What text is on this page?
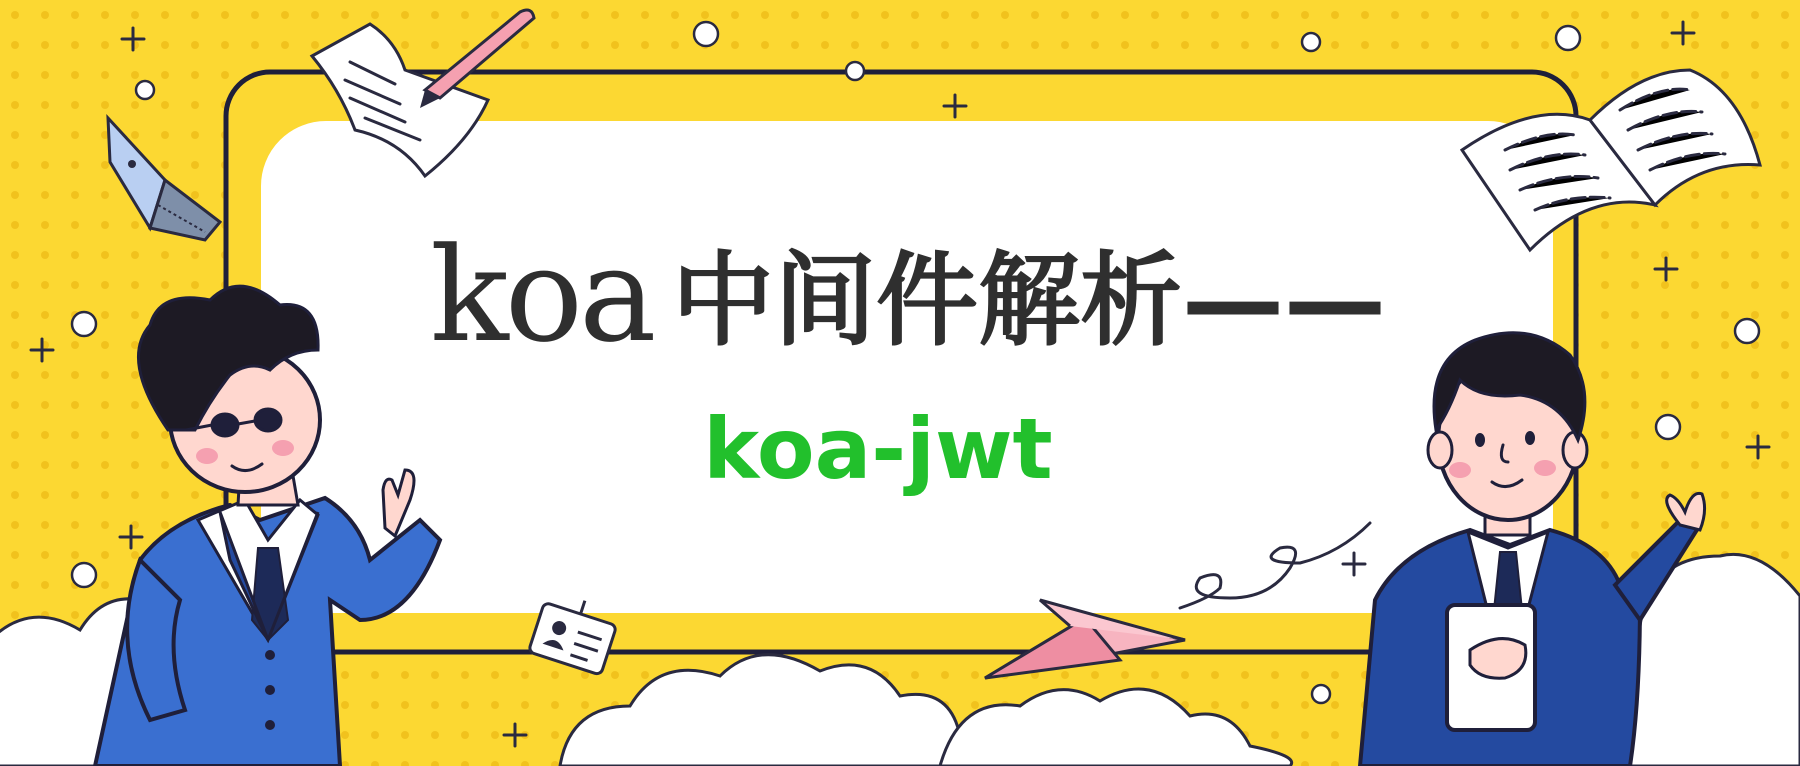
koa 中间件解析——
koa-jwt
